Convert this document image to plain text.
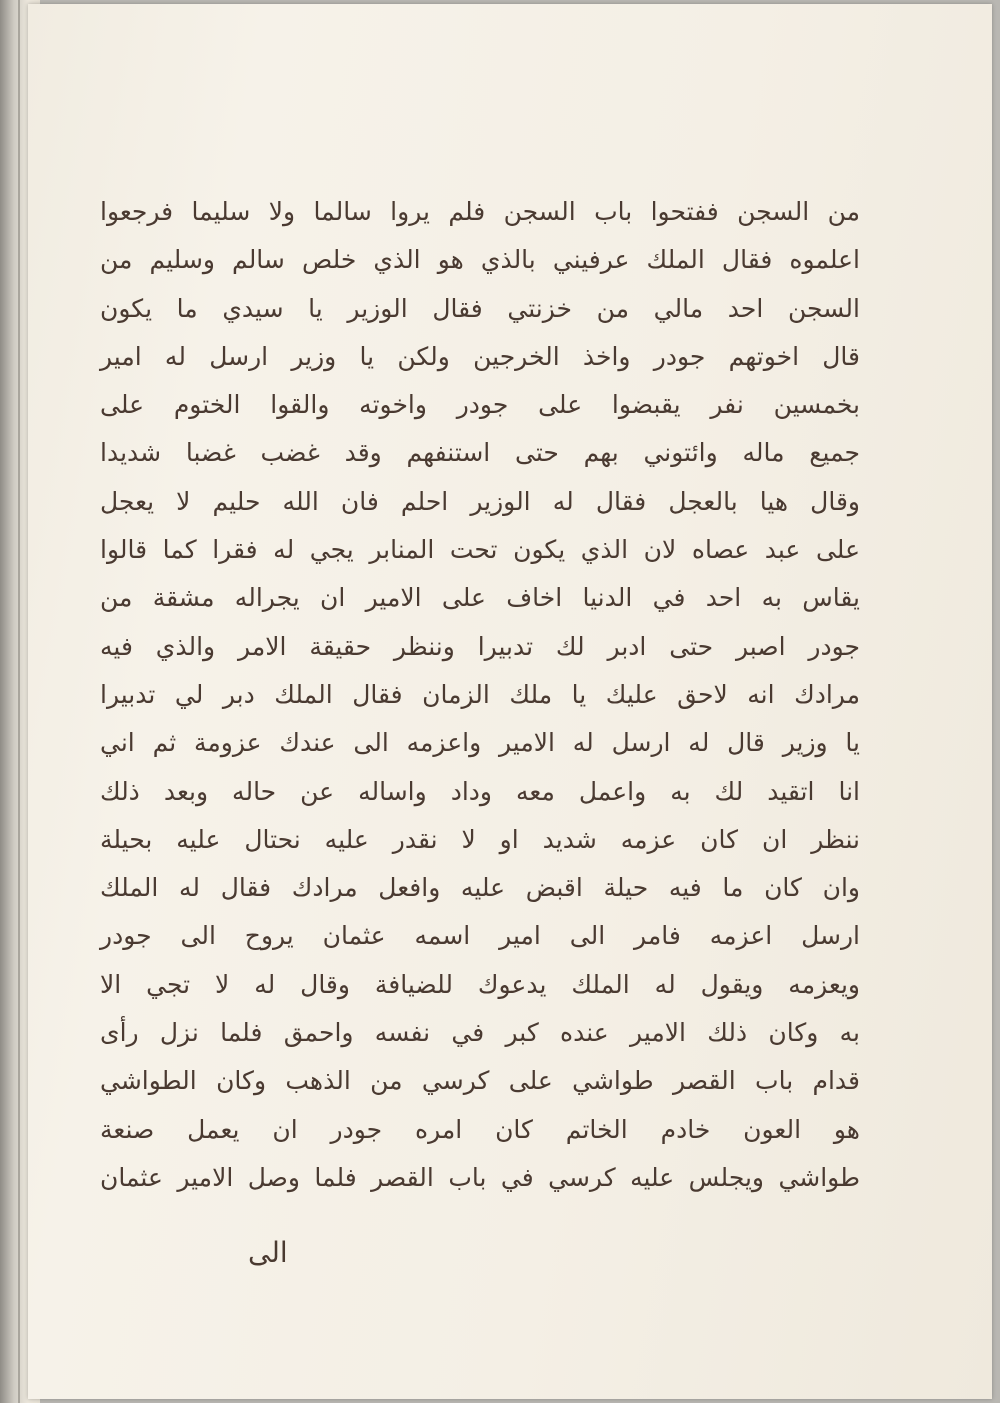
من السجن ففتحوا باب السجن فلم يروا سالما ولا سليما فرجعوا
اعلموه فقال الملك عرفيني بالذي هو الذي خلص سالم وسليم من
السجن احد مالي من خزنتي فقال الوزير يا سيدي ما يكون
قال اخوتهم جودر واخذ الخرجين ولكن يا وزير ارسل له امير
بخمسين نفر يقبضوا على جودر واخوته والقوا الختوم على
جميع ماله وائتوني بهم حتى استنفهم وقد غضب غضبا شديدا
وقال هيا بالعجل فقال له الوزير احلم فان الله حليم لا يعجل
على عبد عصاه لان الذي يكون تحت المنابر يجي له فقرا كما قالوا
يقاس به احد في الدنيا اخاف على الامير ان يجراله مشقة من
جودر اصبر حتى ادبر لك تدبيرا وننظر حقيقة الامر والذي فيه
مرادك انه لاحق عليك يا ملك الزمان فقال الملك دبر لي تدبيرا
يا وزير قال له ارسل له الامير واعزمه الى عندك عزومة ثم اني
انا اتقيد لك به واعمل معه وداد واساله عن حاله وبعد ذلك
ننظر ان كان عزمه شديد او لا نقدر عليه نحتال عليه بحيلة
وان كان ما فيه حيلة اقبض عليه وافعل مرادك فقال له الملك
ارسل اعزمه فامر الى امير اسمه عثمان يروح الى جودر
ويعزمه ويقول له الملك يدعوك للضيافة وقال له لا تجي الا
به وكان ذلك الامير عنده كبر في نفسه واحمق فلما نزل رأى
قدام باب القصر طواشي على كرسي من الذهب وكان الطواشي
هو العون خادم الخاتم كان امره جودر ان يعمل صنعة
طواشي ويجلس عليه كرسي في باب القصر فلما وصل الامير عثمان
الى
